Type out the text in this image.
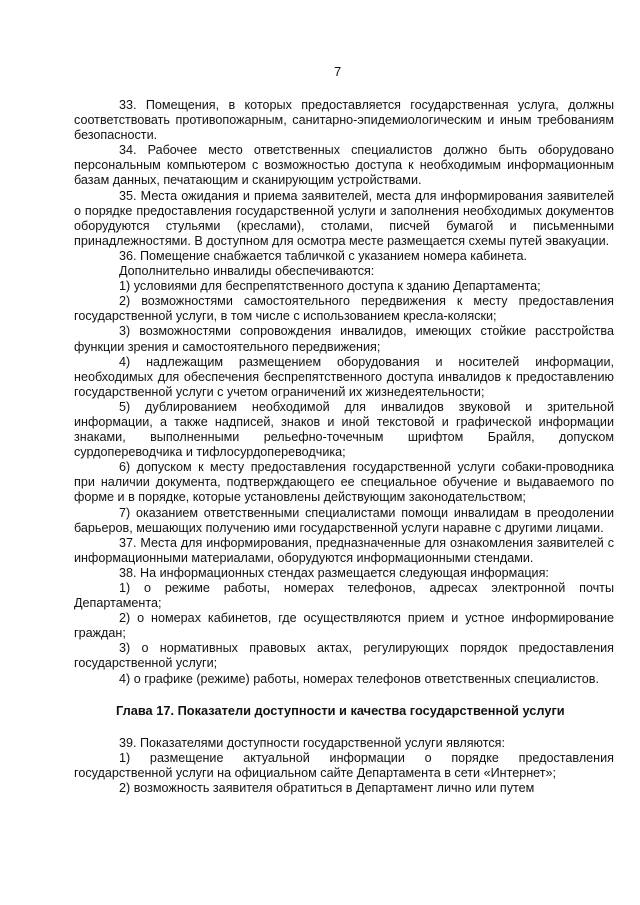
7

33. Помещения, в которых предоставляется государственная услуга, должны соответствовать противопожарным, санитарно-эпидемиологическим и иным требованиям безопасности.

34. Рабочее место ответственных специалистов должно быть оборудовано персональным компьютером с возможностью доступа к необходимым информационным базам данных, печатающим и сканирующим устройствами.

35. Места ожидания и приема заявителей, места для информирования заявителей о порядке предоставления государственной услуги и заполнения необходимых документов оборудуются стульями (креслами), столами, писчей бумагой и письменными принадлежностями. В доступном для осмотра месте размещается схемы путей эвакуации.

36. Помещение снабжается табличкой с указанием номера кабинета.

Дополнительно инвалиды обеспечиваются:

1) условиями для беспрепятственного доступа к зданию Департамента;

2) возможностями самостоятельного передвижения к месту предоставления государственной услуги, в том числе с использованием кресла-коляски;

3) возможностями сопровождения инвалидов, имеющих стойкие расстройства функции зрения и самостоятельного передвижения;

4) надлежащим размещением оборудования и носителей информации, необходимых для обеспечения беспрепятственного доступа инвалидов к предоставлению государственной услуги с учетом ограничений их жизнедеятельности;

5) дублированием необходимой для инвалидов звуковой и зрительной информации, а также надписей, знаков и иной текстовой и графической информации знаками, выполненными рельефно-точечным шрифтом Брайля, допуском сурдопереводчика и тифлосурдопереводчика;

6) допуском к месту предоставления государственной услуги собаки-проводника при наличии документа, подтверждающего ее специальное обучение и выдаваемого по форме и в порядке, которые установлены действующим законодательством;

7) оказанием ответственными специалистами помощи инвалидам в преодолении барьеров, мешающих получению ими государственной услуги наравне с другими лицами.

37. Места для информирования, предназначенные для ознакомления заявителей с информационными материалами, оборудуются информационными стендами.

38. На информационных стендах размещается следующая информация:

1) о режиме работы, номерах телефонов, адресах электронной почты Департамента;

2) о номерах кабинетов, где осуществляются прием и устное информирование граждан;

3) о нормативных правовых актах, регулирующих порядок предоставления государственной услуги;

4) о графике (режиме) работы, номерах телефонов ответственных специалистов.

Глава 17. Показатели доступности и качества государственной услуги

39. Показателями доступности государственной услуги являются:

1) размещение актуальной информации о порядке предоставления государственной услуги на официальном сайте Департамента в сети «Интернет»;

2) возможность заявителя обратиться в Департамент лично или путем
